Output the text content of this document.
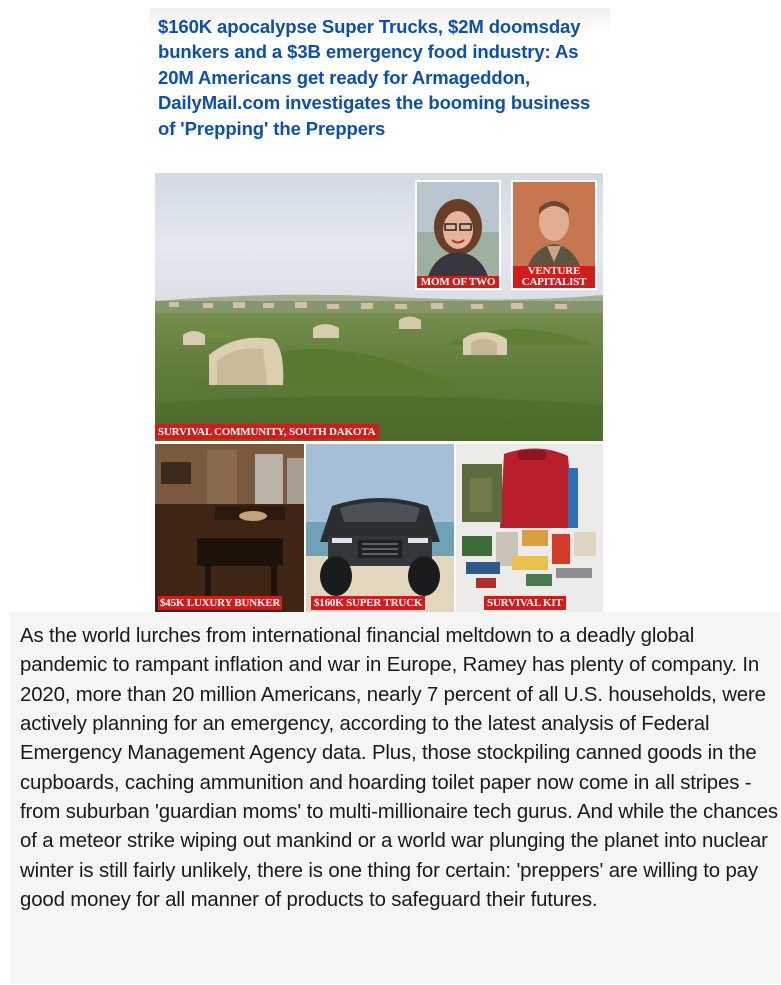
$160K apocalypse Super Trucks, $2M doomsday bunkers and a $3B emergency food industry: As 20M Americans get ready for Armageddon, DailyMail.com investigates the booming business of 'Prepping' the Preppers
MOM OF TWO
VENTURE
CAPITALIST
SURVIVAL COMMUNITY, SOUTH DAKOTA
$45K LUXURY BUNKER	$160K SUPER TRUCK	SURVIVAL KIT

As the world lurches from international financial meltdown to a deadly global pandemic to rampant inflation and war in Europe, Ramey has plenty of company. In 2020, more than 20 million Americans, nearly 7 percent of all U.S. households, were actively planning for an emergency, according to the latest analysis of Federal Emergency Management Agency data. Plus, those stockpiling canned goods in the cupboards, caching ammunition and hoarding toilet paper now come in all stripes - from suburban 'guardian moms' to multi-millionaire tech gurus. And while the chances of a meteor strike wiping out mankind or a world war plunging the planet into nuclear winter is still fairly unlikely, there is one thing for certain: 'preppers' are willing to pay good money for all manner of products to safeguard their futures.
